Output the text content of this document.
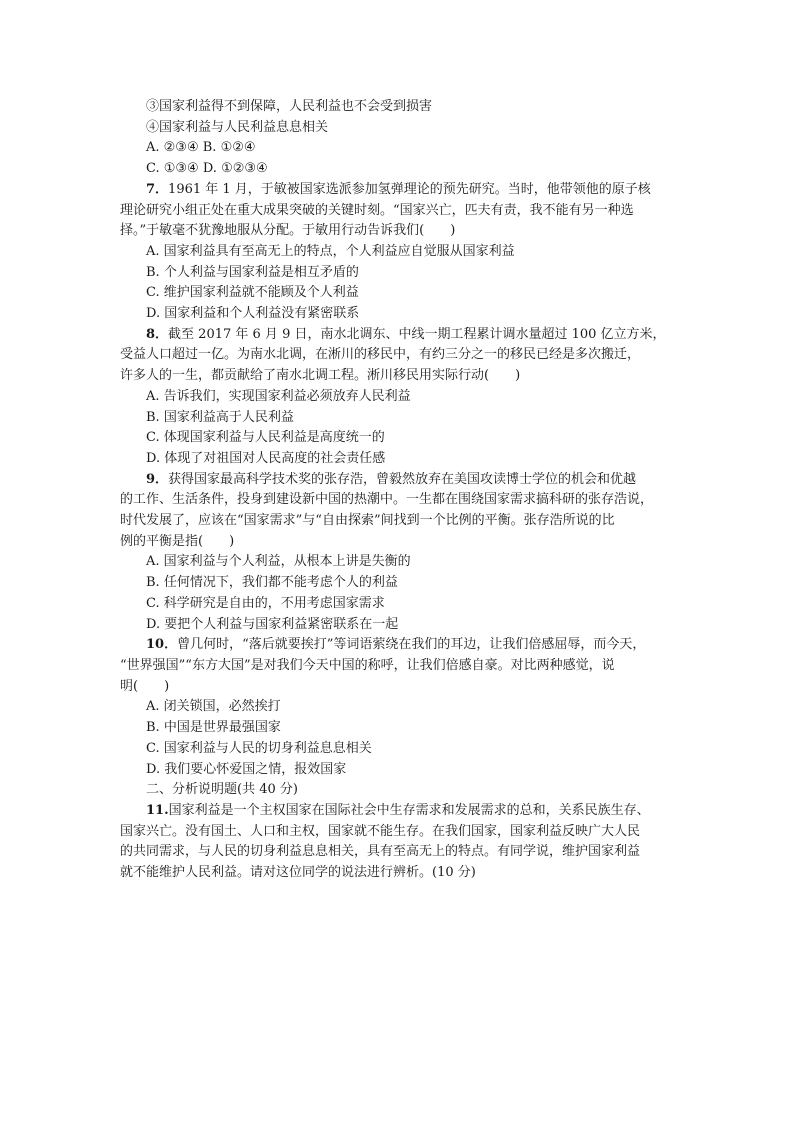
③国家利益得不到保障，人民利益也不会受到损害
④国家利益与人民利益息息相关
A. ②③④ B. ①②④
C. ①③④ D. ①②③④
7．1961 年 1 月，于敏被国家选派参加氢弹理论的预先研究。当时，他带领他的原子核
理论研究小组正处在重大成果突破的关键时刻。“国家兴亡，匹夫有责，我不能有另一种选
择。”于敏毫不犹豫地服从分配。于敏用行动告诉我们(　　)
A. 国家利益具有至高无上的特点，个人利益应自觉服从国家利益
B. 个人利益与国家利益是相互矛盾的
C. 维护国家利益就不能顾及个人利益
D. 国家利益和个人利益没有紧密联系
8．截至 2017 年 6 月 9 日，南水北调东、中线一期工程累计调水量超过 100 亿立方米，
受益人口超过一亿。为南水北调，在淅川的移民中，有约三分之一的移民已经是多次搬迁，
许多人的一生，都贡献给了南水北调工程。淅川移民用实际行动(　　)
A. 告诉我们，实现国家利益必须放弃人民利益
B. 国家利益高于人民利益
C. 体现国家利益与人民利益是高度统一的
D. 体现了对祖国对人民高度的社会责任感
9．获得国家最高科学技术奖的张存浩，曾毅然放弃在美国攻读博士学位的机会和优越
的工作、生活条件，投身到建设新中国的热潮中。一生都在围绕国家需求搞科研的张存浩说，
时代发展了，应该在“国家需求”与“自由探索”间找到一个比例的平衡。张存浩所说的比
例的平衡是指(　　)
A. 国家利益与个人利益，从根本上讲是失衡的
B. 任何情况下，我们都不能考虑个人的利益
C. 科学研究是自由的，不用考虑国家需求
D. 要把个人利益与国家利益紧密联系在一起
10．曾几何时，“落后就要挨打”等词语萦绕在我们的耳边，让我们倍感屈辱，而今天，
“世界强国”“东方大国”是对我们今天中国的称呼，让我们倍感自豪。对比两种感觉，说
明(　　)
A. 闭关锁国，必然挨打
B. 中国是世界最强国家
C. 国家利益与人民的切身利益息息相关
D. 我们要心怀爱国之情，报效国家
二、分析说明题(共 40 分)
11.国家利益是一个主权国家在国际社会中生存需求和发展需求的总和，关系民族生存、
国家兴亡。没有国土、人口和主权，国家就不能生存。在我们国家，国家利益反映广大人民
的共同需求，与人民的切身利益息息相关，具有至高无上的特点。有同学说，维护国家利益
就不能维护人民利益。请对这位同学的说法进行辨析。(10 分)
